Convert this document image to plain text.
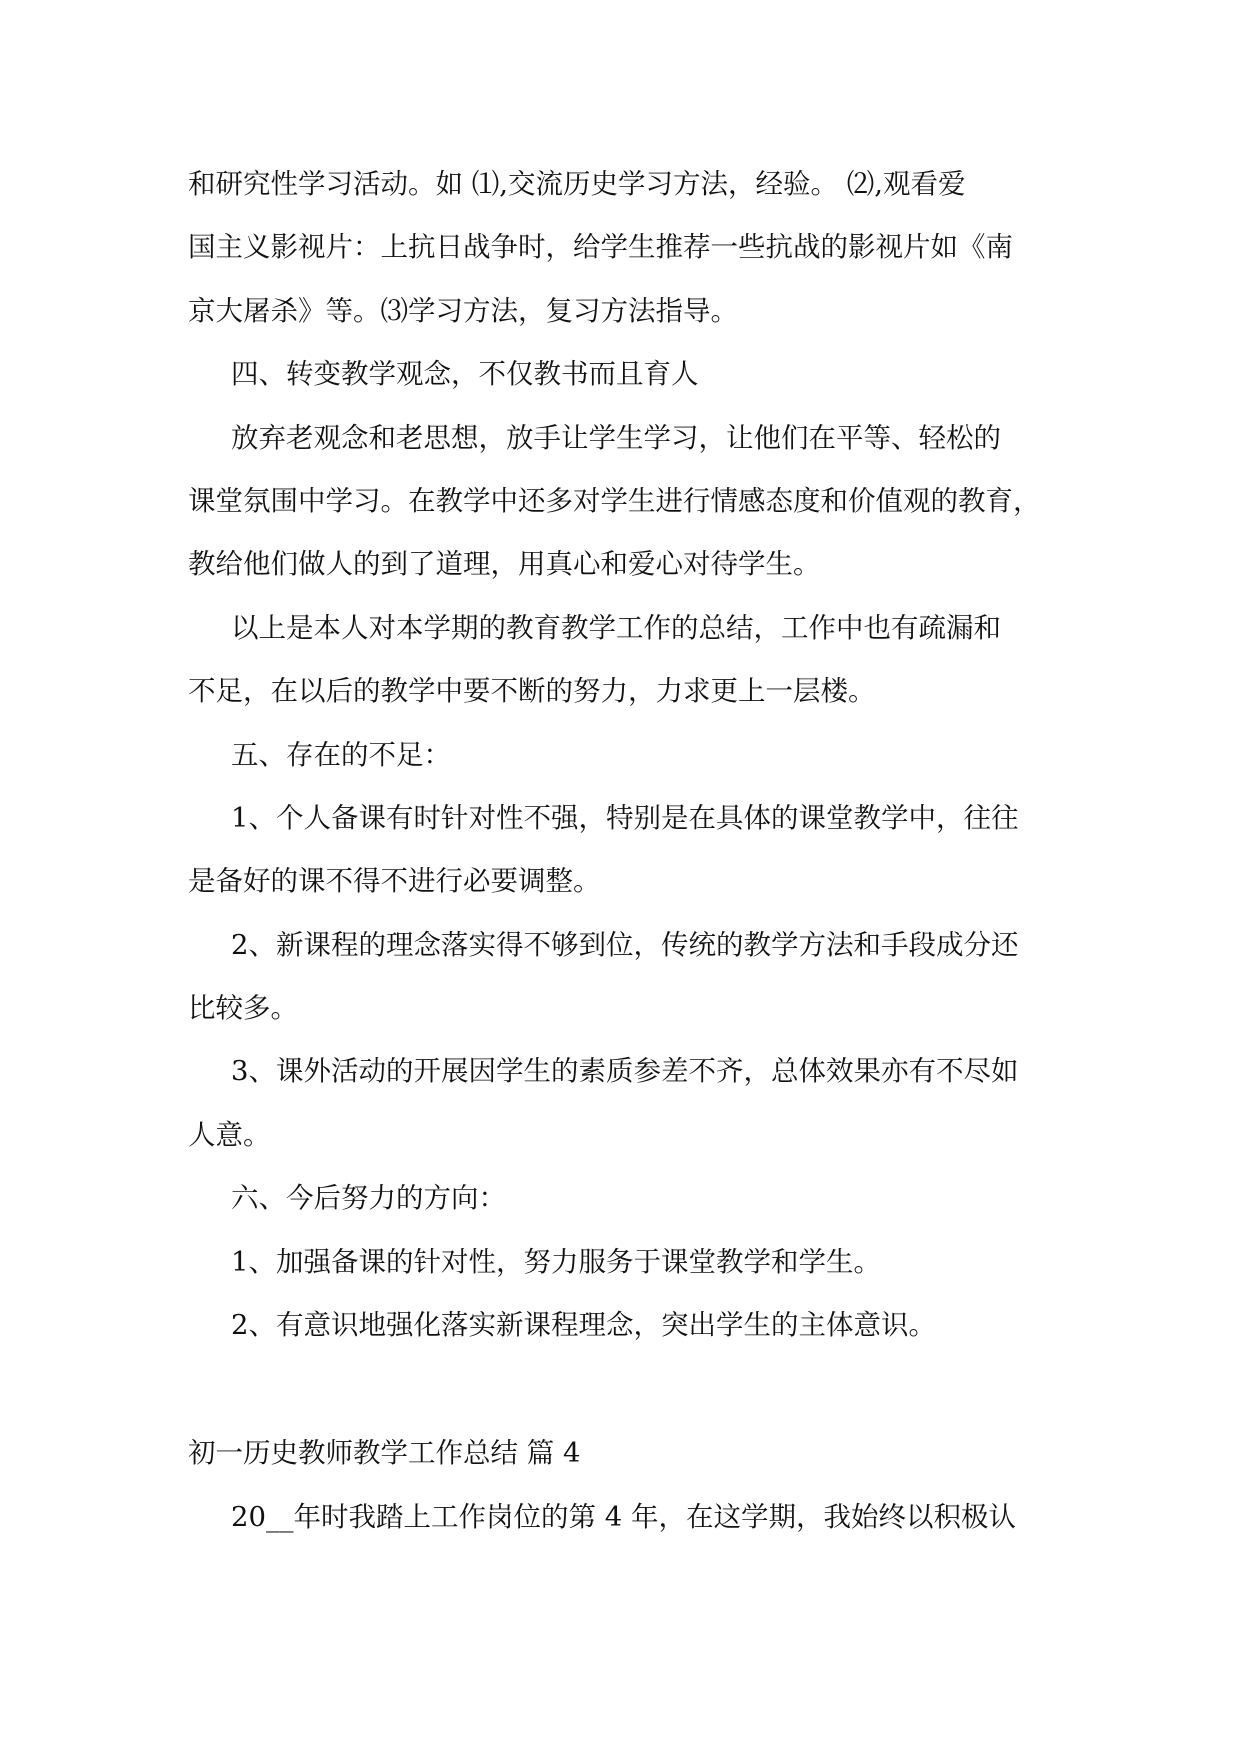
和研究性学习活动。如 ⑴,交流历史学习方法，经验。 ⑵,观看爱
国主义影视片：上抗日战争时，给学生推荐一些抗战的影视片如《南
京大屠杀》等。⑶学习方法，复习方法指导。
四、转变教学观念，不仅教书而且育人
放弃老观念和老思想，放手让学生学习，让他们在平等、轻松的
课堂氛围中学习。在教学中还多对学生进行情感态度和价值观的教育，
教给他们做人的到了道理，用真心和爱心对待学生。
以上是本人对本学期的教育教学工作的总结，工作中也有疏漏和
不足，在以后的教学中要不断的努力，力求更上一层楼。
五、存在的不足：
1、个人备课有时针对性不强，特别是在具体的课堂教学中，往往
是备好的课不得不进行必要调整。
2、新课程的理念落实得不够到位，传统的教学方法和手段成分还
比较多。
3、课外活动的开展因学生的素质参差不齐，总体效果亦有不尽如
人意。
六、今后努力的方向：
1、加强备课的针对性，努力服务于课堂教学和学生。
2、有意识地强化落实新课程理念，突出学生的主体意识。
初一历史教师教学工作总结 篇 4
20__年时我踏上工作岗位的第 4 年，在这学期，我始终以积极认
